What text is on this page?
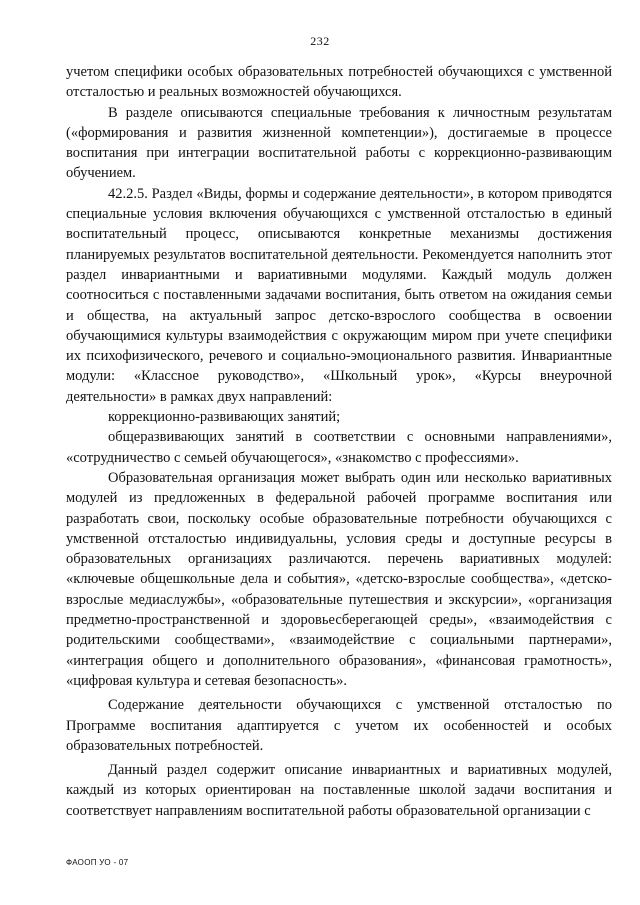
232

учетом специфики особых образовательных потребностей обучающихся с умственной отсталостью и реальных возможностей обучающихся.

В разделе описываются специальные требования к личностным результатам («формирования и развития жизненной компетенции»), достигаемые в процессе воспитания при интеграции воспитательной работы с коррекционно-развивающим обучением.

42.2.5. Раздел «Виды, формы и содержание деятельности», в котором приводятся специальные условия включения обучающихся с умственной отсталостью в единый воспитательный процесс, описываются конкретные механизмы достижения планируемых результатов воспитательной деятельности. Рекомендуется наполнить этот раздел инвариантными и вариативными модулями. Каждый модуль должен соотноситься с поставленными задачами воспитания, быть ответом на ожидания семьи и общества, на актуальный запрос детско-взрослого сообщества в освоении обучающимися культуры взаимодействия с окружающим миром при учете специфики их психофизического, речевого и социально-эмоционального развития. Инвариантные модули: «Классное руководство», «Школьный урок», «Курсы внеурочной деятельности» в рамках двух направлений:

коррекционно-развивающих занятий;

общеразвивающих занятий в соответствии с основными направлениями», «сотрудничество с семьей обучающегося», «знакомство с профессиями».

Образовательная организация может выбрать один или несколько вариативных модулей из предложенных в федеральной рабочей программе воспитания или разработать свои, поскольку особые образовательные потребности обучающихся с умственной отсталостью индивидуальны, условия среды и доступные ресурсы в образовательных организациях различаются. перечень вариативных модулей: «ключевые общешкольные дела и события», «детско-взрослые сообщества», «детско-взрослые медиаслужбы», «образовательные путешествия и экскурсии», «организация предметно-пространственной и здоровьесберегающей среды», «взаимодействия с родительскими сообществами», «взаимодействие с социальными партнерами», «интеграция общего и дополнительного образования», «финансовая грамотность», «цифровая культура и сетевая безопасность».

Содержание деятельности обучающихся с умственной отсталостью по Программе воспитания адаптируется с учетом их особенностей и особых образовательных потребностей.

Данный раздел содержит описание инвариантных и вариативных модулей, каждый из которых ориентирован на поставленные школой задачи воспитания и соответствует направлениям воспитательной работы образовательной организации с

ФАООП УО - 07
